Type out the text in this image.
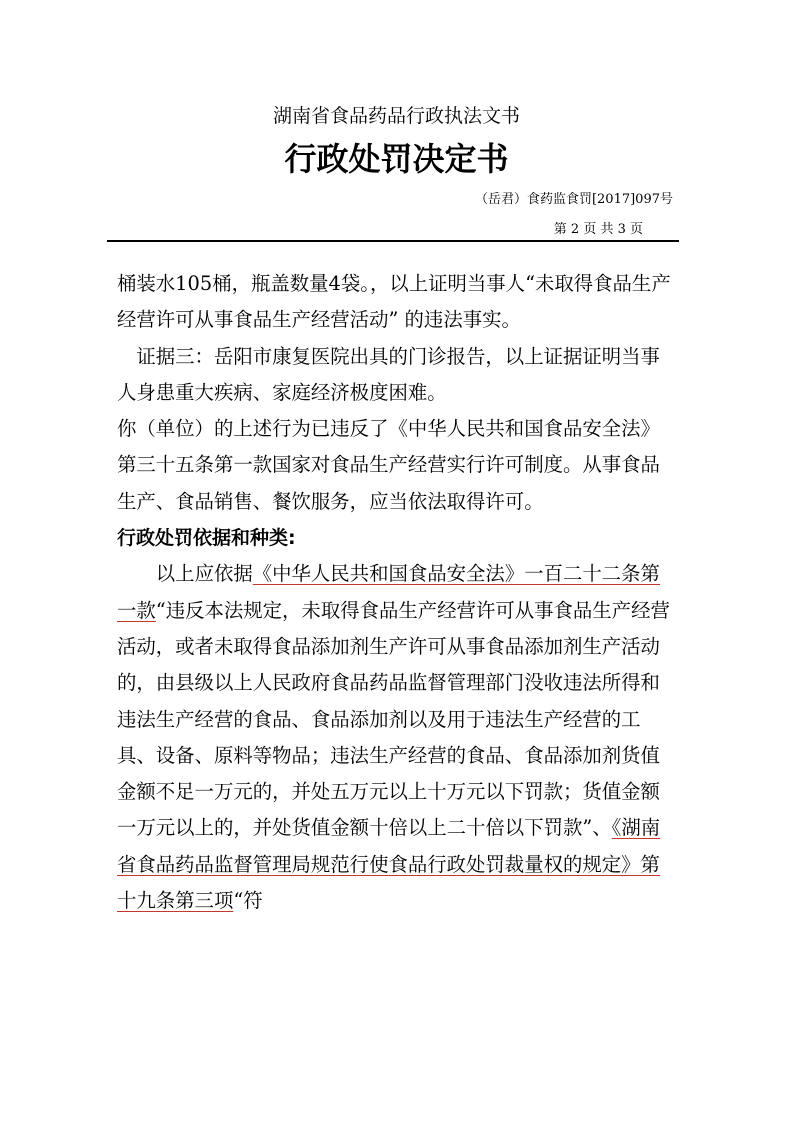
湖南省食品药品行政执法文书
行政处罚决定书
（岳君）食药监食罚[2017]097号
第 2 页 共 3 页

桶装水105桶，瓶盖数量4袋。，以上证明当事人“未取得食品生产经营许可从事食品生产经营活动” 的违法事实。

证据三：岳阳市康复医院出具的门诊报告，以上证据证明当事人身患重大疾病、家庭经济极度困难。

你（单位）的上述行为已违反了《中华人民共和国食品安全法》第三十五条第一款国家对食品生产经营实行许可制度。从事食品生产、食品销售、餐饮服务，应当依法取得许可。

行政处罚依据和种类:

以上应依据《中华人民共和国食品安全法》一百二十二条第一款“违反本法规定，未取得食品生产经营许可从事食品生产经营活动，或者未取得食品添加剂生产许可从事食品添加剂生产活动的，由县级以上人民政府食品药品监督管理部门没收违法所得和违法生产经营的食品、食品添加剂以及用于违法生产经营的工具、设备、原料等物品；违法生产经营的食品、食品添加剂货值金额不足一万元的，并处五万元以上十万元以下罚款；货值金额一万元以上的，并处货值金额十倍以上二十倍以下罚款”、《湖南省食品药品监督管理局规范行使食品行政处罚裁量权的规定》第十九条第三项“符
